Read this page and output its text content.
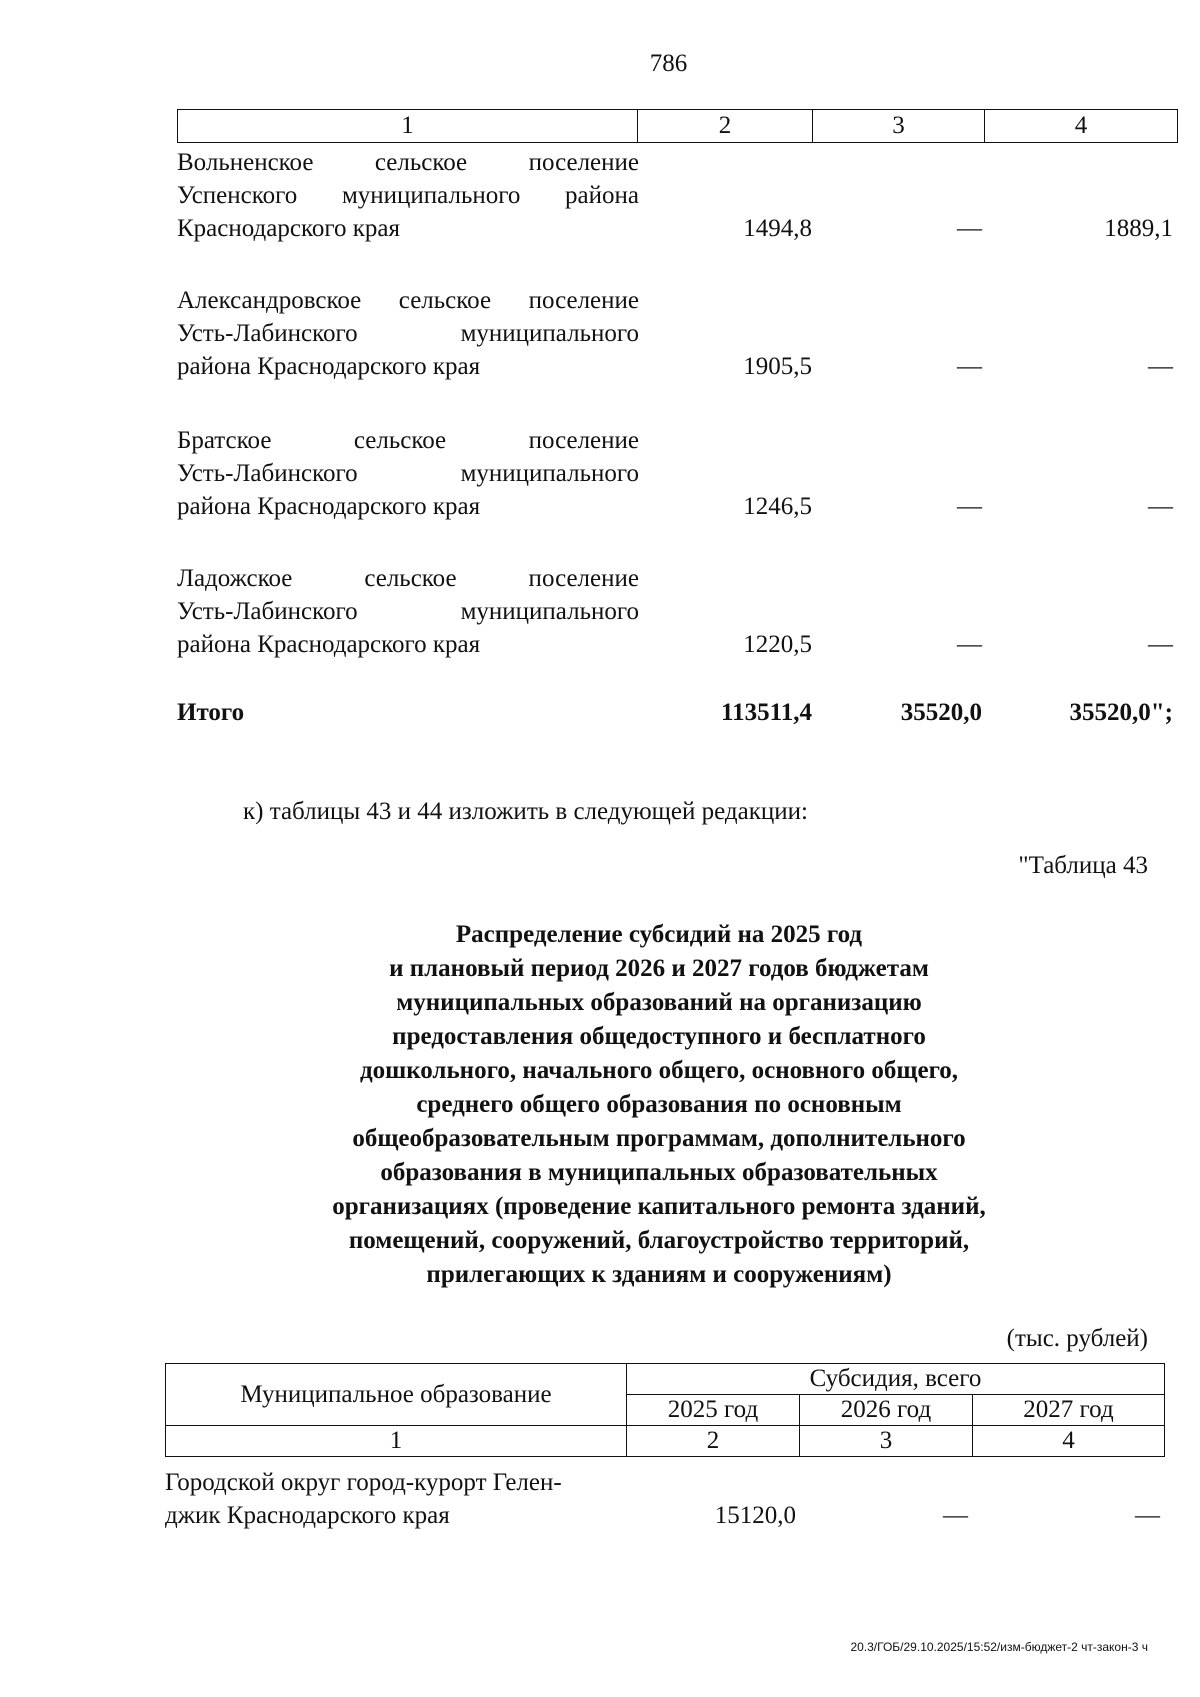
786
1	2	3	4
Вольненское сельское поселение
Успенского муниципального района
Краснодарского края	1494,8	—	1889,1
Александровское сельское поселение
Усть-Лабинского муниципального
района Краснодарского края	1905,5	—	—
Братское сельское поселение
Усть-Лабинского муниципального
района Краснодарского края	1246,5	—	—
Ладожское сельское поселение
Усть-Лабинского муниципального
района Краснодарского края	1220,5	—	—
Итого	113511,4	35520,0	35520,0";
к) таблицы 43 и 44 изложить в следующей редакции:
"Таблица 43
Распределение субсидий на 2025 год
и плановый период 2026 и 2027 годов бюджетам
муниципальных образований на организацию
предоставления общедоступного и бесплатного
дошкольного, начального общего, основного общего,
среднего общего образования по основным
общеобразовательным программам, дополнительного
образования в муниципальных образовательных
организациях (проведение капитального ремонта зданий,
помещений, сооружений, благоустройство территорий,
прилегающих к зданиям и сооружениям)
(тыс. рублей)
Муниципальное образование	Субсидия, всего		
	2025 год	2026 год	2027 год
1	2	3	4
Городской округ город-курорт Гелен-
джик Краснодарского края	15120,0	—	—
20.3/ГОБ/29.10.2025/15:52/изм-бюджет-2 чт-закон-3 ч
